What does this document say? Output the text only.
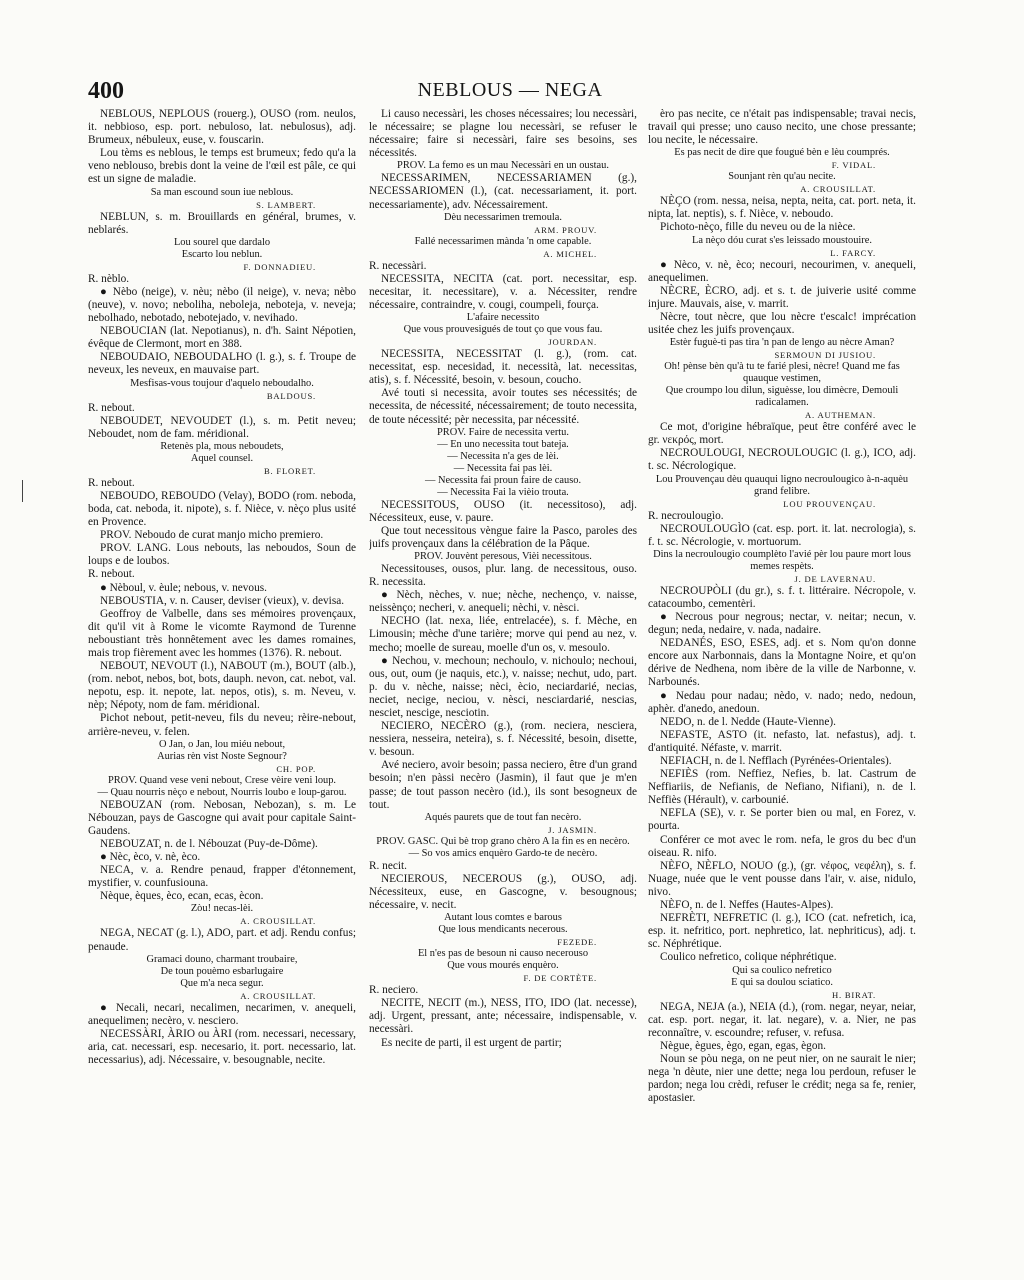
400	NEBLOUS — NEGA

NEBLOUS, NEPLOUS (rouerg.), OUSO (rom. neulos, it. nebbioso, esp. port. nebuloso, lat. nebulosus), adj. Brumeux, nébuleux, euse, v. fouscarin.

Lou tèms es neblous, le temps est brumeux; fedo qu'a la veno neblouso, brebis dont la veine de l'œil est pâle, ce qui est un signe de maladie.

Sa man escound soun iue neblous.

S. LAMBERT.

NEBLUN, s. m. Brouillards en général, brumes, v. neblarés.

Lou sourel que dardalo

Escarto lou neblun.

F. DONNADIEU.

R. nèblo.

● Nèbo (neige), v. nèu; nèbo (il neige), v. neva; nèbo (neuve), v. novo; neboliha, neboleja, neboteja, v. neveja; nebolhado, nebotado, nebotejado, v. nevihado.

NEBOUCIAN (lat. Nepotianus), n. d'h. Saint Népotien, évêque de Clermont, mort en 388.

NEBOUDAIO, NEBOUDALHO (l. g.), s. f. Troupe de neveux, les neveux, en mauvaise part.

Mesfisas-vous toujour d'aquelo neboudalho.

BALDOUS.

R. nebout.

NEBOUDET, NEVOUDET (l.), s. m. Petit neveu; Neboudet, nom de fam. méridional.

Retenès pla, mous neboudets,

Aquel counsel.

B. FLORET.

R. nebout.

NEBOUDO, REBOUDO (Velay), BODO (rom. neboda, boda, cat. neboda, it. nipote), s. f. Nièce, v. nèço plus usité en Provence.

PROV. Neboudo de curat manjo micho premiero.

PROV. LANG. Lous nebouts, las neboudos, Soun de loups e de loubos.

R. nebout.

● Nèboul, v. èule; nebous, v. nevous.

NEBOUSTIA, v. n. Causer, deviser (vieux), v. devisa.

Geoffroy de Valbelle, dans ses mémoires provençaux, dit qu'il vit à Rome le vicomte Raymond de Turenne neboustiant très honnêtement avec les dames romaines, mais trop fièrement avec les hommes (1376). R. nebout.

NEBOUT, NEVOUT (l.), NABOUT (m.), BOUT (alb.), (rom. nebot, nebos, bot, bots, dauph. nevon, cat. nebot, val. nepotu, esp. it. nepote, lat. nepos, otis), s. m. Neveu, v. nèp; Népoty, nom de fam. méridional.

Pichot nebout, petit-neveu, fils du neveu; rèire-nebout, arrière-neveu, v. felen.

O Jan, o Jan, lou miéu nebout,

Aurias rèn vist Noste Segnour?

CH. POP.

PROV. Quand vese veni nebout, Crese vèire veni loup.

— Quau nourris nèço e nebout, Nourris loubo e loup-garou.

NEBOUZAN (rom. Nebosan, Nebozan), s. m. Le Nébouzan, pays de Gascogne qui avait pour capitale Saint-Gaudens.

NEBOUZAT, n. de l. Nébouzat (Puy-de-Dôme).

● Nèc, èco, v. nè, èco.

NECA, v. a. Rendre penaud, frapper d'étonnement, mystifier, v. counfusiouna.

Nèque, èques, èco, ecan, ecas, ècon.

Zòu! necas-lèi.

A. CROUSILLAT.

NEGA, NECAT (g. l.), ADO, part. et adj. Rendu confus; penaude.

Gramaci douno, charmant troubaire,

De toun pouèmo esbarlugaire

Que m'a neca segur.

A. CROUSILLAT.

● Necali, necari, necalimen, necarimen, v. anequeli, anequelimen; necèro, v. nesciero.

NECESSÀRI, ÀRIO ou ÀRI (rom. necessari, necessary, aria, cat. necessari, esp. necesario, it. port. necessario, lat. necessarius), adj. Nécessaire, v. besougnable, necite.

Li causo necessàri, les choses nécessaires; lou necessàri, le nécessaire; se plagne lou necessàri, se refuser le nécessaire; faire si necessàri, faire ses besoins, ses nécessités.

PROV. La femo es un mau Necessàri en un oustau.

NECESSARIMEN, NECESSARIAMEN (g.), NECESSARIOMEN (l.), (cat. necessariament, it. port. necessariamente), adv. Nécessairement.

Dèu necessarimen tremoula.

ARM. PROUV.

Fallé necessarimen mànda 'n ome capable.

A. MICHEL.

R. necessàri.

NECESSITA, NECITA (cat. port. necessitar, esp. necesitar, it. necessitare), v. a. Nécessiter, rendre nécessaire, contraindre, v. cougi, coumpeli, fourça.

L'afaire necessito

Que vous prouvesigués de tout ço que vous fau.

JOURDAN.

NECESSITA, NECESSITAT (l. g.), (rom. cat. necessitat, esp. necesidad, it. necessità, lat. necessitas, atis), s. f. Nécessité, besoin, v. besoun, coucho.

Avé touti si necessita, avoir toutes ses nécessités; de necessita, de nécessité, nécessairement; de touto necessita, de toute nécessité; pèr necessita, par nécessité.

PROV. Faire de necessita vertu.

— En uno necessita tout bateja.

— Necessita n'a ges de lèi.

— Necessita fai pas lèi.

— Necessita fai proun faire de causo.

— Necessita Fai la vièio trouta.

NECESSITOUS, OUSO (it. necessitoso), adj. Nécessiteux, euse, v. paure.

Que tout necessitous vèngue faire la Pasco, paroles des juifs provençaux dans la célébration de la Pâque.

PROV. Jouvènt peresous, Vièi necessitous.

Necessitouses, ousos, plur. lang. de necessitous, ouso. R. necessita.

● Nèch, nèches, v. nue; nèche, nechenço, v. naisse, neissènço; necheri, v. anequeli; nèchi, v. nèsci.

NECHO (lat. nexa, liée, entrelacée), s. f. Mèche, en Limousin; mèche d'une tarière; morve qui pend au nez, v. mecho; moelle de sureau, moelle d'un os, v. mesoulo.

● Nechou, v. mechoun; nechoulo, v. nichoulo; nechoui, ous, out, oum (je naquis, etc.), v. naisse; nechut, udo, part. p. du v. nèche, naisse; nèci, ècio, neciardarié, necias, neciet, necige, neciou, v. nèsci, nesciardarié, nescias, nesciet, nescige, nesciotin.

NECIERO, NECÈRO (g.), (rom. neciera, nesciera, nessiera, nesseira, neteira), s. f. Nécessité, besoin, disette, v. besoun.

Avé neciero, avoir besoin; passa neciero, être d'un grand besoin; n'en pàssi necèro (Jasmin), il faut que je m'en passe; de tout passon necèro (id.), ils sont besogneux de tout.

Aqués paurets que de tout fan necèro.

J. JASMIN.

PROV. GASC. Qui bè trop grano chèro A la fin es en necèro.

— So vos amics enquèro Gardo-te de necèro.

R. necit.

NECIEROUS, NECEROUS (g.), OUSO, adj. Nécessiteux, euse, en Gascogne, v. besougnous; nécessaire, v. necit.

Autant lous comtes e barous

Que lous mendicants necerous.

FEZEDE.

El n'es pas de besoun ni causo necerouso

Que vous mourés enquèro.

F. DE CORTÈTE.

R. neciero.

NECITE, NECIT (m.), NESS, ITO, IDO (lat. necesse), adj. Urgent, pressant, ante; nécessaire, indispensable, v. necessàri.

Es necite de parti, il est urgent de partir;

èro pas necite, ce n'était pas indispensable; travai necis, travail qui presse; uno causo necito, une chose pressante; lou necite, le nécessaire.

Es pas necit de dire que fougué bèn e lèu coumprés.

F. VIDAL.

Sounjant rèn qu'au necite.

A. CROUSILLAT.

NÈÇO (rom. nessa, neisa, nepta, neita, cat. port. neta, it. nipta, lat. neptis), s. f. Nièce, v. neboudo.

Pichoto-nèço, fille du neveu ou de la nièce.

La nèço dóu curat s'es leissado moustouire.

L. FARCY.

● Nèco, v. nè, èco; necouri, necourimen, v. anequeli, anequelimen.

NÈCRE, ÈCRO, adj. et s. t. de juiverie usité comme injure. Mauvais, aise, v. marrit.

Nècre, tout nècre, que lou nècre t'escalc! imprécation usitée chez les juifs provençaux.

Estèr fuguè-ti pas tira 'n pan de lengo au nècre Aman?

SERMOUN DI JUSIOU.

Oh! pènse bèn qu'à tu te farié plesi, nècre! Quand me fas quauque vestimen,

Que croumpo lou dilun, siguèsse, lou dimècre, Demouli radicalamen.

A. AUTHEMAN.

Ce mot, d'origine hébraïque, peut être conféré avec le gr. νεκρός, mort.

NECROULOUGI, NECROULOUGIC (l. g.), ICO, adj. t. sc. Nécrologique.

Lou Prouvençau dèu quauqui ligno necroulougico à-n-aquèu grand felibre.

LOU PROUVENÇAU.

R. necroulougìo.

NECROULOUGÌO (cat. esp. port. it. lat. necrologia), s. f. t. sc. Nécrologie, v. mortuorum.

Dins la necroulougìo coumplèto l'avié pèr lou paure mort lous memes respèts.

J. DE LAVERNAU.

NECROUPÒLI (du gr.), s. f. t. littéraire. Nécropole, v. catacoumbo, cementèri.

● Necrous pour negrous; nectar, v. neitar; necun, v. degun; neda, nedaire, v. nada, nadaire.

NEDANÉS, ESO, ESES, adj. et s. Nom qu'on donne encore aux Narbonnais, dans la Montagne Noire, et qu'on dérive de Nedhena, nom ibère de la ville de Narbonne, v. Narbounés.

● Nedau pour nadau; nèdo, v. nado; nedo, nedoun, aphèr. d'anedo, anedoun.

NEDO, n. de l. Nedde (Haute-Vienne).

NEFASTE, ASTO (it. nefasto, lat. nefastus), adj. t. d'antiquité. Néfaste, v. marrit.

NEFIACH, n. de l. Nefflach (Pyrénées-Orientales).

NEFIÈS (rom. Neffiez, Nefies, b. lat. Castrum de Neffiariis, de Nefianis, de Nefiano, Nifiani), n. de l. Neffiès (Hérault), v. carbounié.

NEFLA (SE), v. r. Se porter bien ou mal, en Forez, v. pourta.

Conférer ce mot avec le rom. nefa, le gros du bec d'un oiseau. R. nifo.

NÈFO, NÈFLO, NOUO (g.), (gr. νέφος, νεφέλη), s. f. Nuage, nuée que le vent pousse dans l'air, v. aise, nidulo, nivo.

NÈFO, n. de l. Neffes (Hautes-Alpes).

NEFRÈTI, NEFRETIC (l. g.), ICO (cat. nefretich, ica, esp. it. nefritico, port. nephretico, lat. nephriticus), adj. t. sc. Néphrétique.

Coulico nefretico, colique néphrétique.

Qui sa coulico nefretico

E qui sa doulou sciatico.

H. BIRAT.

NEGA, NEJA (a.), NEIA (d.), (rom. negar, neyar, neiar, cat. esp. port. negar, it. lat. negare), v. a. Nier, ne pas reconnaître, v. escoundre; refuser, v. refusa.

Nègue, ègues, ègo, egan, egas, ègon.

Noun se pòu nega, on ne peut nier, on ne saurait le nier; nega 'n dèute, nier une dette; nega lou perdoun, refuser le pardon; nega lou crèdi, refuser le crédit; nega sa fe, renier, apostasier.
